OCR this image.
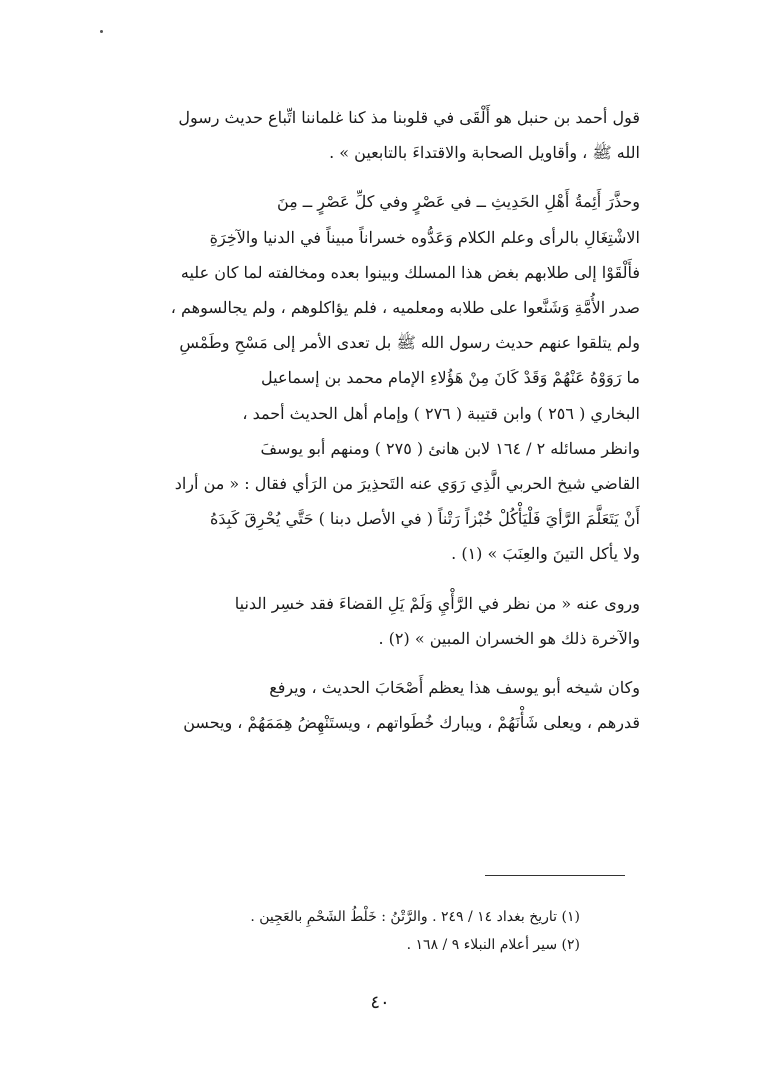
قول أحمد بن حنبل هو أَلْقَى في قلوبنا مذ كنا غلماننا اتِّباع حديث رسول
الله ﷺ ، وأقاويل الصحابة والاقتداءَ بالتابعين » .
وحذَّرَ أَئِمةُ أَهْلِ الحَدِيثِ ــ في عَصْرٍ وفي كلِّ عَصْرٍ ــ مِنَ
الاشْتِغَالِ بالرأى وعلم الكلام وَعَدُّوه خسراناً مبيناً في الدنيا والآخِرَةِ
فأَلْقَوْا إلى طلابهم بغض هذا المسلك وبينوا بعده ومخالفته لما كان عليه
صدر الأُمَّةِ وَشَنَّعوا على طلابه ومعلميه ، فلم يؤاكلوهم ، ولم يجالسوهم ،
ولم يتلقوا عنهم حديث رسول الله ﷺ بل تعدى الأمر إلى مَسْحِ وطَمْسِ
ما رَوَوْهُ عَنْهُمْ وَقَدْ كَانَ مِنْ هَؤُلاءِ الإمام محمد بن إسماعيل
البخاري ( ٢٥٦ ) وابن قتيبة ( ٢٧٦ ) وإمام أهل الحديث أحمد ،
وانظر مسائله ٢ / ١٦٤ لابن هانئ ( ٢٧٥ ) ومنهم أبو يوسفَ
القاضي شيخ الحربي الَّذِي رَوَي عنه التَحذِيرَ من الرَأي فقال : « من أراد
أَنْ يَتَعَلَّمَ الرَّأيَ فَلْيَأْكُلْ خُبْزاً رَتْناً ( في الأصل دبنا ) حَتَّي يُحْرِقَ كَبِدَهُ
ولا يأكل التينَ والعِنَبَ » (١) .
وروى عنه « من نظر في الرَّأْيِ وَلَمْ يَلِ القضاءَ فقد خسِر الدنيا
والآخرة ذلك هو الخسران المبين » (٢) .
وكان شيخه أبو يوسف هذا يعظم أَصْحَابَ الحديث ، ويرفع
قدرهم ، ويعلى شَأْنَهُمْ ، ويبارك خُطَواتهم ، ويستَنْهِضُ هِمَمَهُمْ ، ويحسن
(١) تاريخ بغداد ١٤ / ٢٤٩ . والرَّتْنُ : خَلْطُ الشَحْمِ بالعَجِين .
(٢) سير أعلام النبلاء ٩ / ١٦٨ .
٤٠
